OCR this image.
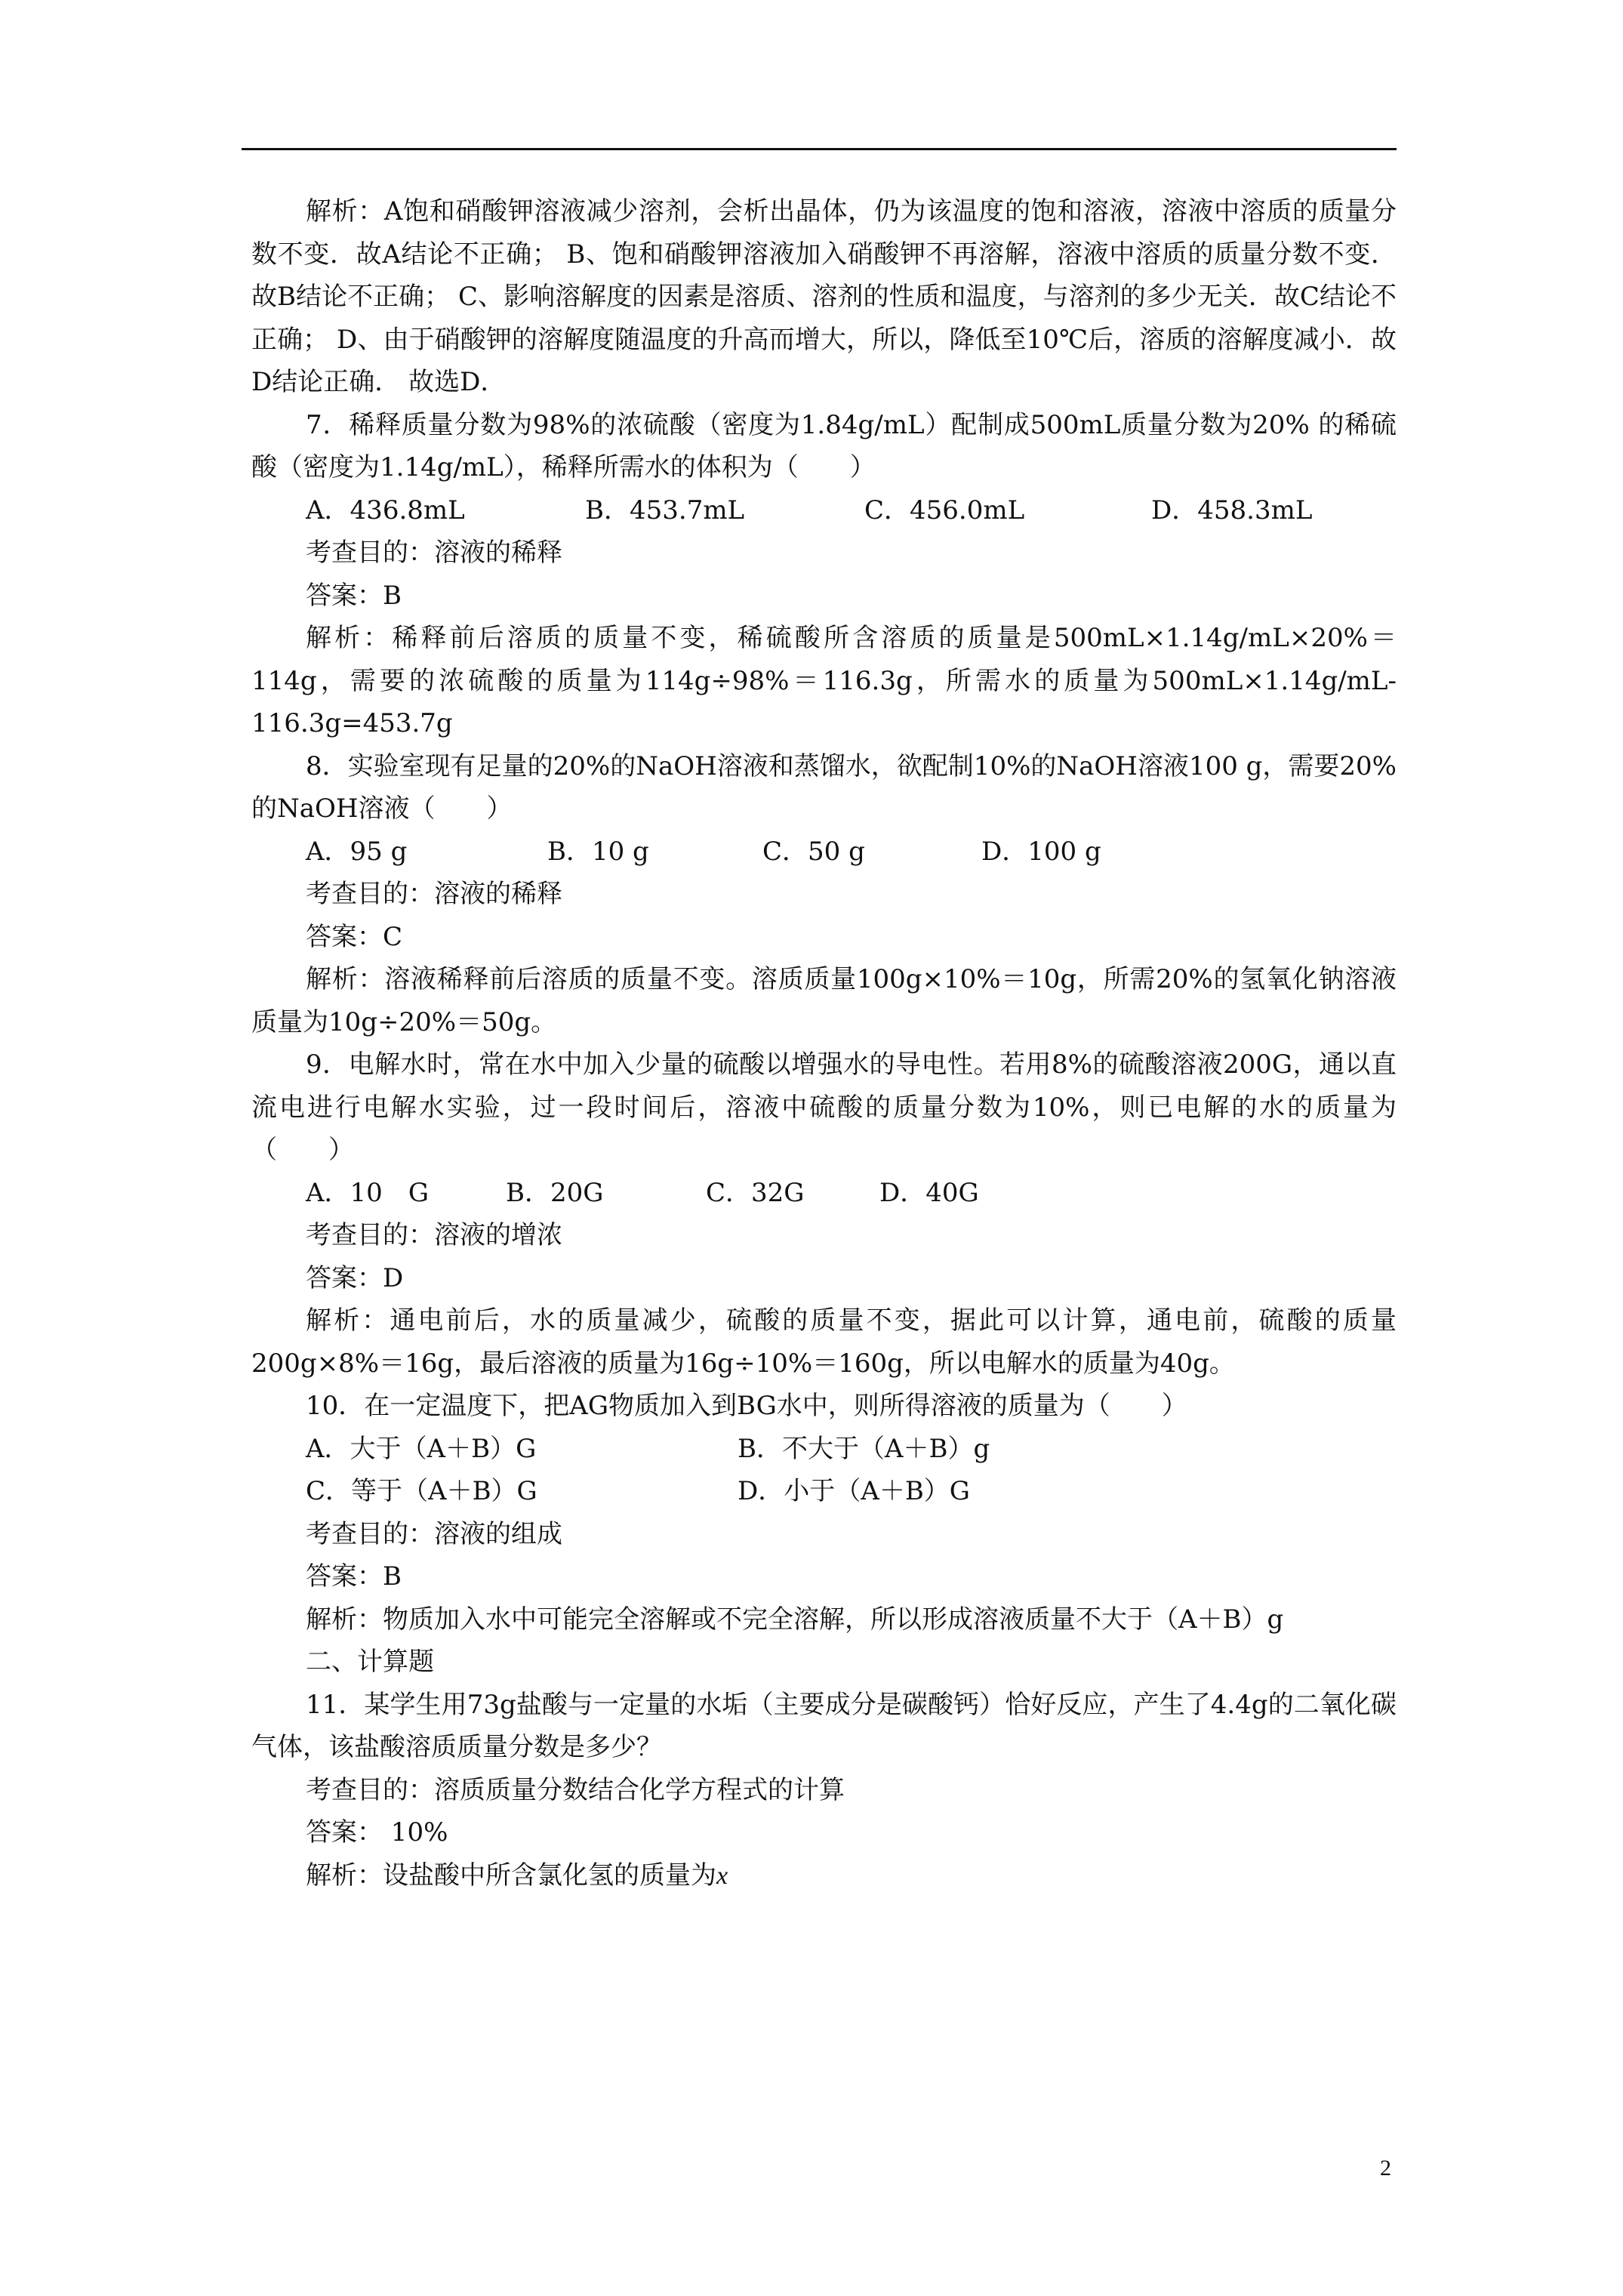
解析：A饱和硝酸钾溶液减少溶剂，会析出晶体，仍为该温度的饱和溶液，溶液中溶质的质量分数不变．故A结论不正确； B、饱和硝酸钾溶液加入硝酸钾不再溶解，溶液中溶质的质量分数不变．故B结论不正确； C、影响溶解度的因素是溶质、溶剂的性质和温度，与溶剂的多少无关．故C结论不正确； D、由于硝酸钾的溶解度随温度的升高而增大，所以，降低至10℃后，溶质的溶解度减小．故D结论正确． 故选D．

7．稀释质量分数为98%的浓硫酸（密度为1.84g/mL）配制成500mL质量分数为20% 的稀硫酸（密度为1.14g/mL），稀释所需水的体积为（　　）

A．436.8mL	B．453.7mL	C．456.0mL	D．458.3mL
考查目的：溶液的稀释
答案：B

解析：稀释前后溶质的质量不变，稀硫酸所含溶质的质量是500mL×1.14g/mL×20%＝114g，需要的浓硫酸的质量为114g÷98%＝116.3g，所需水的质量为500mL×1.14g/mL-116.3g=453.7g

8．实验室现有足量的20%的NaOH溶液和蒸馏水，欲配制10%的NaOH溶液100 g，需要20%的NaOH溶液（　　）

A．95 g	B．10 g	C．50 g	D．100 g
考查目的：溶液的稀释
答案：C

解析：溶液稀释前后溶质的质量不变。溶质质量100g×10%＝10g，所需20%的氢氧化钠溶液质量为10g÷20%＝50g。

9．电解水时，常在水中加入少量的硫酸以增强水的导电性。若用8%的硫酸溶液200G，通以直流电进行电解水实验，过一段时间后，溶液中硫酸的质量分数为10%，则已电解的水的质量为（　　）

A．10　G	B．20G	C．32G	D．40G
考查目的：溶液的增浓
答案：D

解析：通电前后，水的质量减少，硫酸的质量不变，据此可以计算，通电前，硫酸的质量200g×8%＝16g，最后溶液的质量为16g÷10%＝160g，所以电解水的质量为40g。

10．在一定温度下，把AG物质加入到BG水中，则所得溶液的质量为（　　）

A．大于（A＋B）G	B．不大于（A＋B）g
C．等于（A＋B）G	D．小于（A＋B）G
考查目的：溶液的组成
答案：B

解析：物质加入水中可能完全溶解或不完全溶解，所以形成溶液质量不大于（A＋B）g

二、计算题

11．某学生用73g盐酸与一定量的水垢（主要成分是碳酸钙）恰好反应，产生了4.4g的二氧化碳气体，该盐酸溶质质量分数是多少？

考查目的：溶质质量分数结合化学方程式的计算
答案： 10%
解析：设盐酸中所含氯化氢的质量为x
2
